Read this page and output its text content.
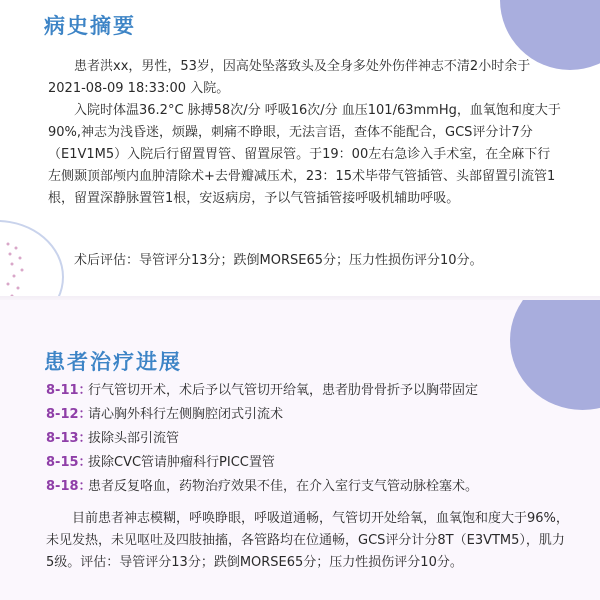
病史摘要

患者洪xx，男性，53岁，因高处坠落致头及全身多处外伤伴神志不清2小时余于2021-08-09 18:33:00 入院。

入院时体温36.2°C 脉搏58次/分 呼吸16次/分 血压101/63mmHg，血氧饱和度大于90%,神志为浅昏迷，烦躁，刺痛不睁眼，无法言语，查体不能配合，GCS评分计7分（E1V1M5）入院后行留置胃管、留置尿管。于19：00左右急诊入手术室，在全麻下行左侧颞顶部颅内血肿清除术+去骨瓣减压术，23：15术毕带气管插管、头部留置引流管1根，留置深静脉置管1根，安返病房，予以气管插管接呼吸机辅助呼吸。

术后评估：导管评分13分；跌倒MORSE65分；压力性损伤评分10分。

患者治疗进展
8-11：行气管切开术，术后予以气管切开给氧，患者肋骨骨折予以胸带固定
8-12：请心胸外科行左侧胸腔闭式引流术
8-13：拔除头部引流管
8-15：拔除CVC管请肿瘤科行PICC置管
8-18：患者反复咯血，药物治疗效果不佳，在介入室行支气管动脉栓塞术。

目前患者神志模糊，呼唤睁眼，呼吸道通畅，气管切开处给氧，血氧饱和度大于96%，未见发热，未见呕吐及四肢抽搐，各管路均在位通畅，GCS评分计分8T（E3VTM5），肌力5级。评估：导管评分13分；跌倒MORSE65分；压力性损伤评分10分。
